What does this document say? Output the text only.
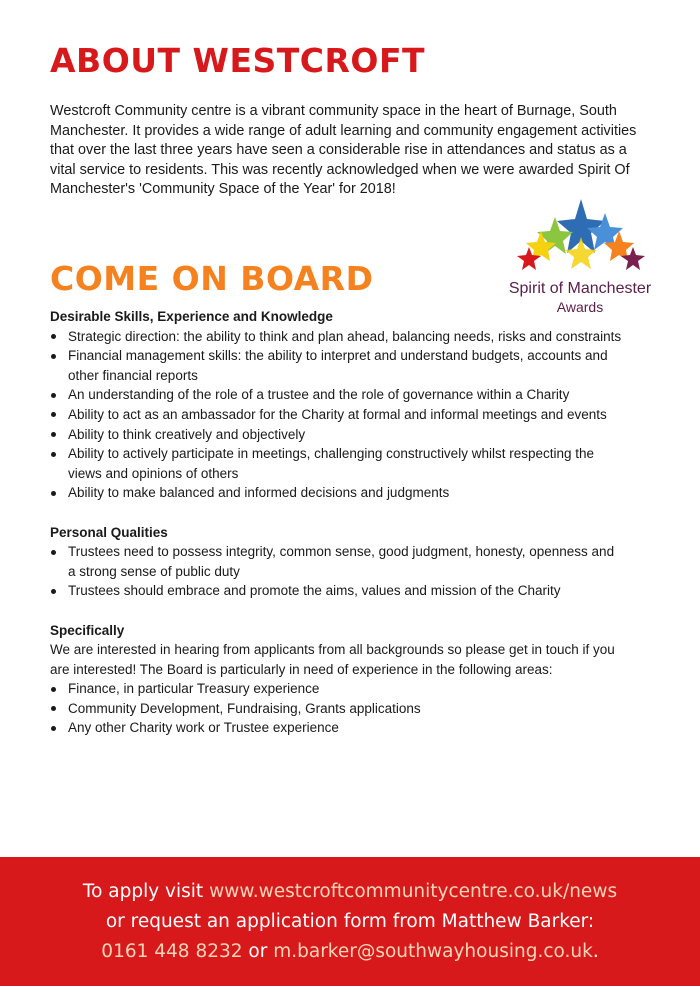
ABOUT WESTCROFT

Westcroft Community centre is a vibrant community space in the heart of Burnage, South Manchester. It provides a wide range of adult learning and community engagement activities that over the last three years have seen a considerable rise in attendances and status as a vital service to residents. This was recently acknowledged when we were awarded Spirit Of Manchester's 'Community Space of the Year' for 2018!

Spirit of Manchester
Awards
COME ON BOARD

Desirable Skills, Experience and Knowledge

Strategic direction: the ability to think and plan ahead, balancing needs, risks and constraints
Financial management skills: the ability to interpret and understand budgets, accounts and other financial reports
An understanding of the role of a trustee and the role of governance within a Charity
Ability to act as an ambassador for the Charity at formal and informal meetings and events
Ability to think creatively and objectively
Ability to actively participate in meetings, challenging constructively whilst respecting the views and opinions of others
Ability to make balanced and informed decisions and judgments

Personal Qualities

Trustees need to possess integrity, common sense, good judgment, honesty, openness and a strong sense of public duty
Trustees should embrace and promote the aims, values and mission of the Charity

Specifically

We are interested in hearing from applicants from all backgrounds so please get in touch if you are interested! The Board is particularly in need of experience in the following areas:

Finance, in particular Treasury experience
Community Development, Fundraising, Grants applications
Any other Charity work or Trustee experience
To apply visit www.westcroftcommunitycentre.co.uk/news
or request an application form from Matthew Barker:
0161 448 8232 or m.barker@southwayhousing.co.uk.
